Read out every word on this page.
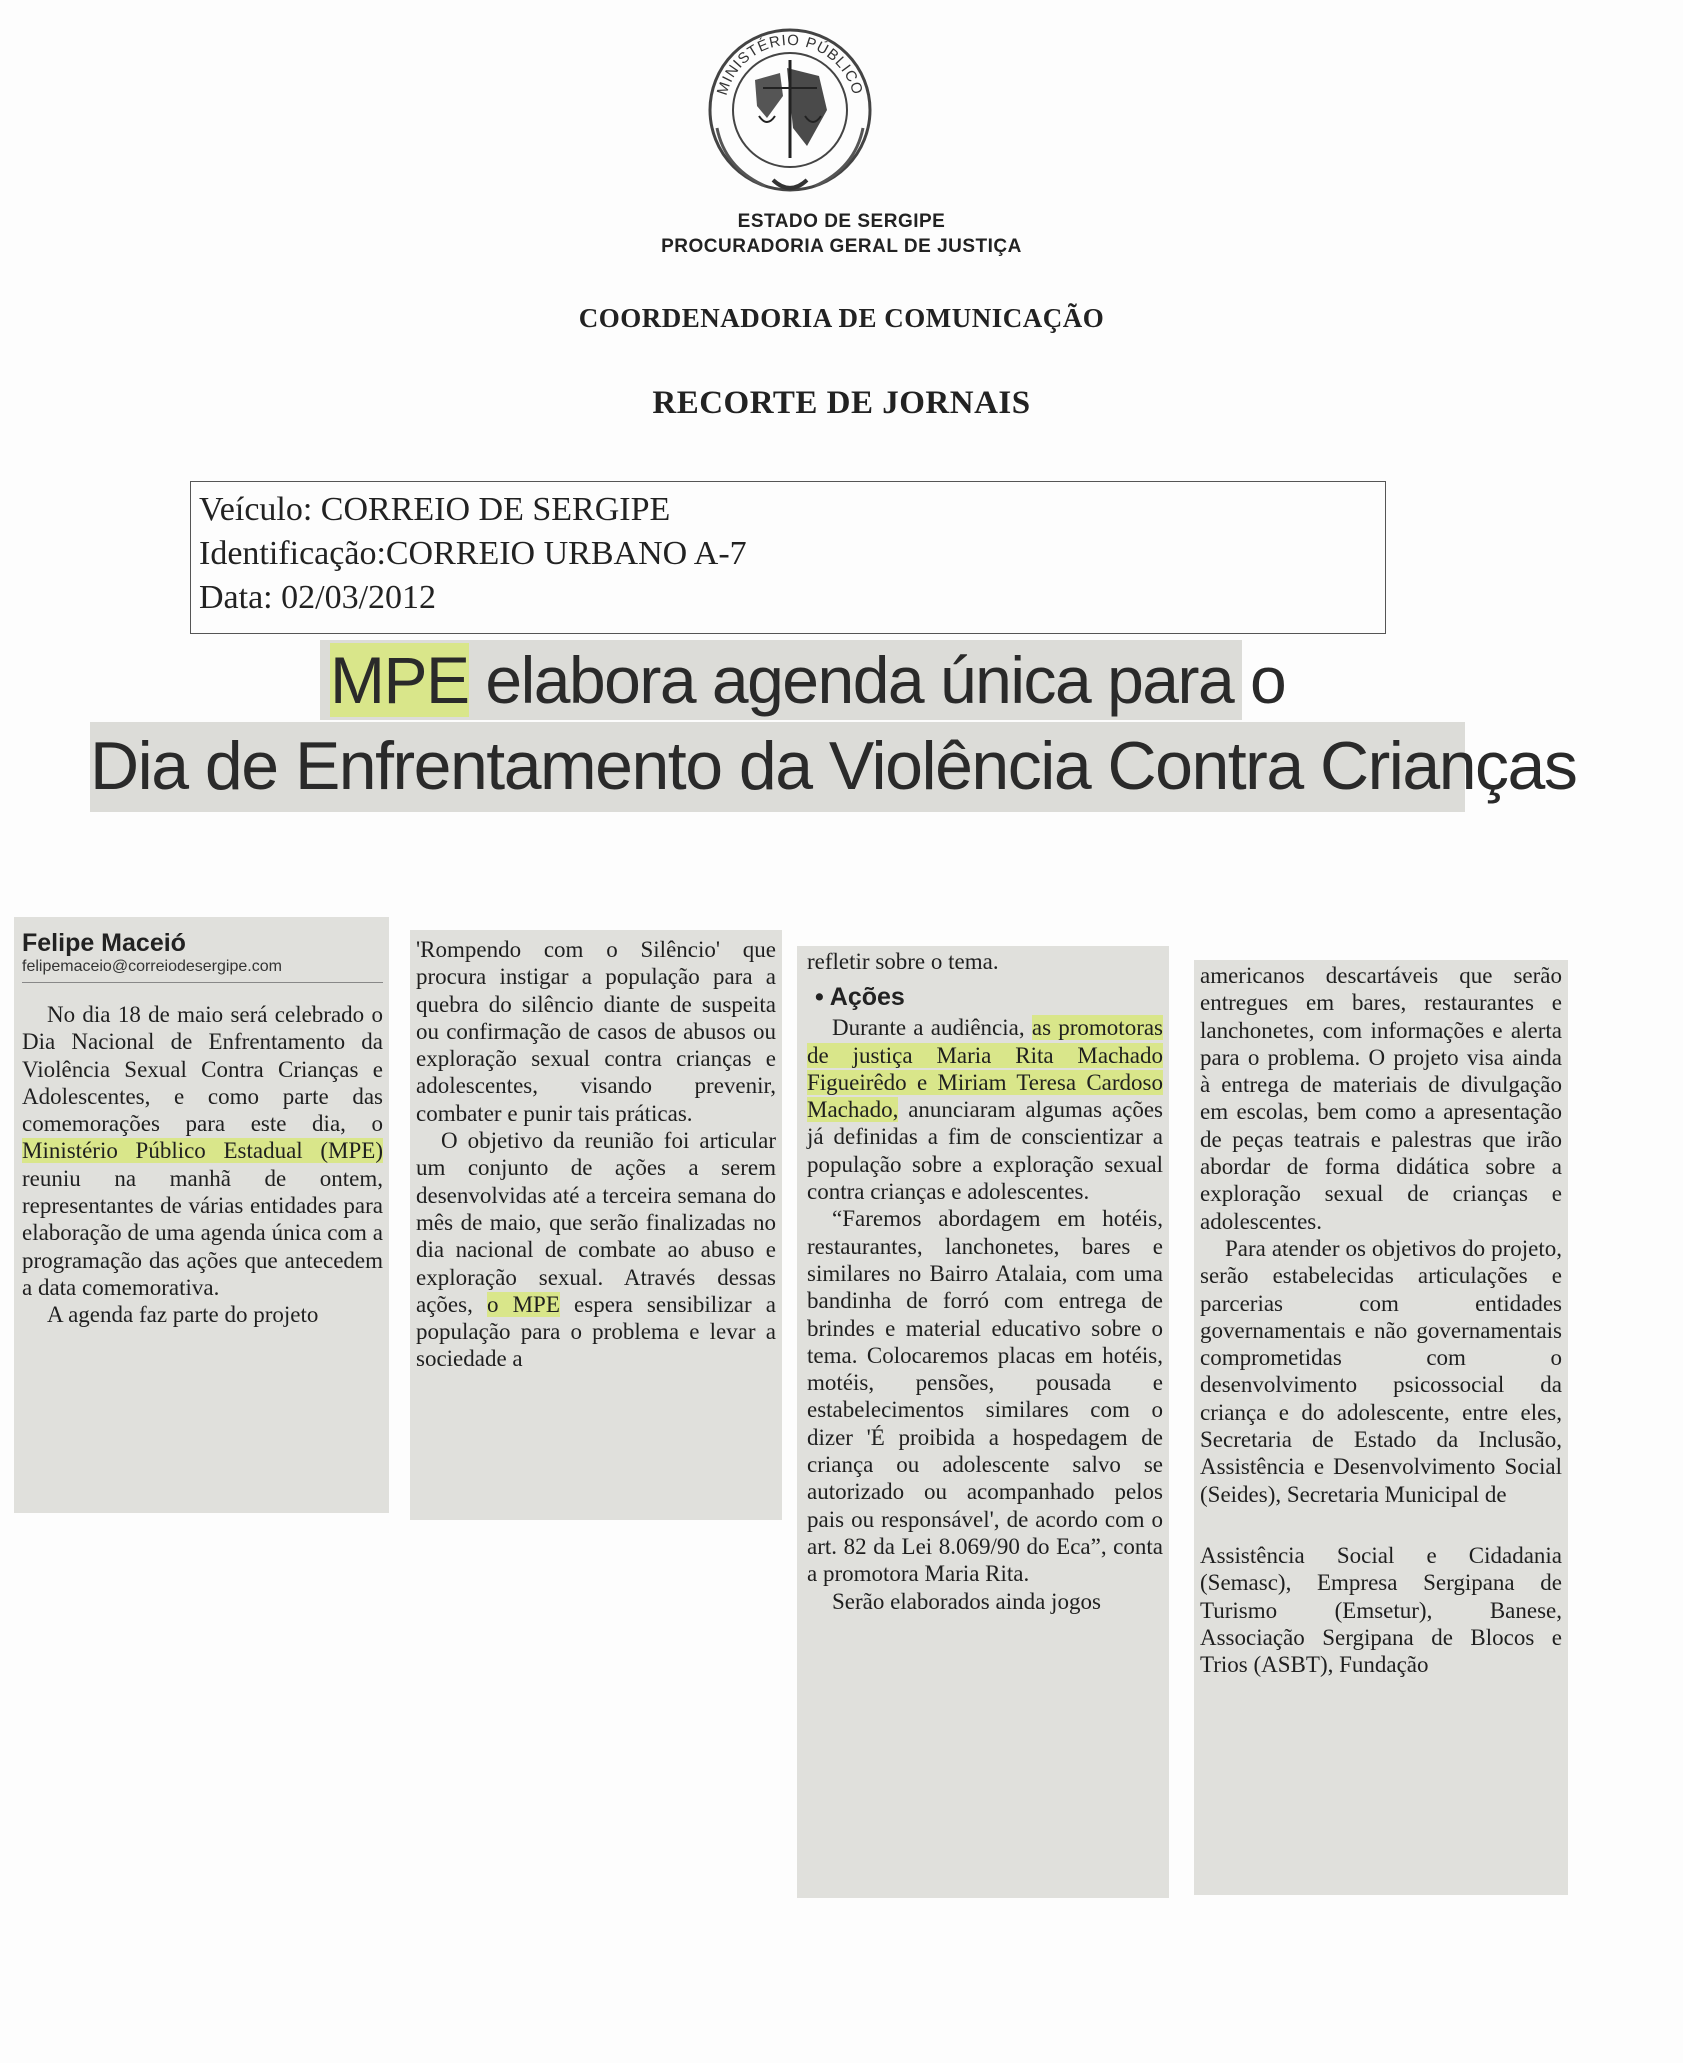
MINISTÉRIO PÚBLICO
ESTADO DE SERGIPE
PROCURADORIA GERAL DE JUSTIÇA
COORDENADORIA DE COMUNICAÇÃO
RECORTE DE JORNAIS
Veículo: CORREIO DE SERGIPE
Identificação:CORREIO URBANO A-7
Data: 02/03/2012
MPE elabora agenda única para o
Dia de Enfrentamento da Violência Contra Crianças
Felipe Maceió
felipemaceio@correiodesergipe.com

No dia 18 de maio será celebrado o Dia Nacional de Enfrentamento da Violência Sexual Contra Crianças e Adolescentes, e como parte das comemorações para este dia, o Ministério Público Estadual (MPE) reuniu na manhã de ontem, representantes de várias entidades para elaboração de uma agenda única com a programação das ações que antecedem a data comemorativa.

A agenda faz parte do projeto

'Rompendo com o Silêncio' que procura instigar a população para a quebra do silêncio diante de suspeita ou confirmação de casos de abusos ou exploração sexual contra crianças e adolescentes, visando prevenir, combater e punir tais práticas.

O objetivo da reunião foi articular um conjunto de ações a serem desenvolvidas até a terceira semana do mês de maio, que serão finalizadas no dia nacional de combate ao abuso e exploração sexual. Através dessas ações, o MPE espera sensibilizar a população para o problema e levar a sociedade a

refletir sobre o tema.

• Ações

Durante a audiência, as promotoras de justiça Maria Rita Machado Figueirêdo e Miriam Teresa Cardoso Machado, anunciaram algumas ações já definidas a fim de conscientizar a população sobre a exploração sexual contra crianças e adolescentes.

“Faremos abordagem em hotéis, restaurantes, lanchonetes, bares e similares no Bairro Atalaia, com uma bandinha de forró com entrega de brindes e material educativo sobre o tema. Colocaremos placas em hotéis, motéis, pensões, pousada e estabelecimentos similares com o dizer 'É proibida a hospedagem de criança ou adolescente salvo se autorizado ou acompanhado pelos pais ou responsável', de acordo com o art. 82 da Lei 8.069/90 do Eca”, conta a promotora Maria Rita.

Serão elaborados ainda jogos

americanos descartáveis que serão entregues em bares, restaurantes e lanchonetes, com informações e alerta para o problema. O projeto visa ainda à entrega de materiais de divulgação em escolas, bem como a apresentação de peças teatrais e palestras que irão abordar de forma didática sobre a exploração sexual de crianças e adolescentes.

Para atender os objetivos do projeto, serão estabelecidas articulações e parcerias com entidades governamentais e não governamentais comprometidas com o desenvolvimento psicossocial da criança e do adolescente, entre eles, Secretaria de Estado da Inclusão, Assistência e Desenvolvimento Social (Seides), Secretaria Municipal de

Assistência Social e Cidadania (Semasc), Empresa Sergipana de Turismo (Emsetur), Banese, Associação Sergipana de Blocos e Trios (ASBT), Fundação
